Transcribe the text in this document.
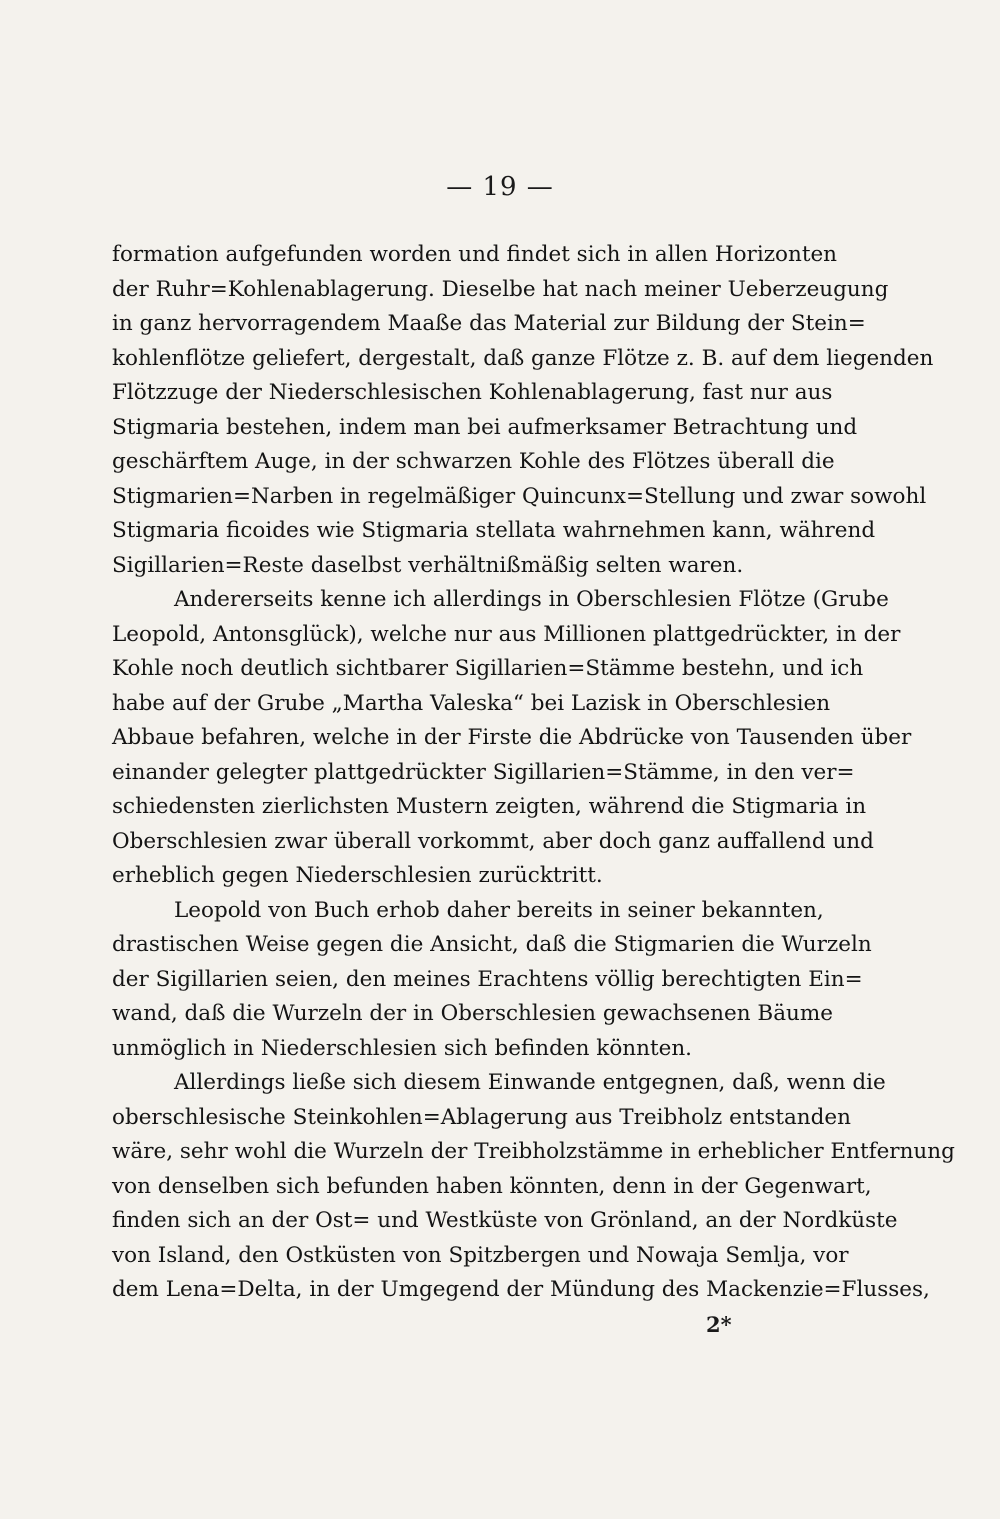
— 19 —
formation aufgefunden worden und findet sich in allen Horizonten
der Ruhr=Kohlenablagerung. Dieselbe hat nach meiner Ueberzeugung
in ganz hervorragendem Maaße das Material zur Bildung der Stein=
kohlenflötze geliefert, dergestalt, daß ganze Flötze z. B. auf dem liegenden
Flötzzuge der Niederschlesischen Kohlenablagerung, fast nur aus
Stigmaria bestehen, indem man bei aufmerksamer Betrachtung und
geschärftem Auge, in der schwarzen Kohle des Flötzes überall die
Stigmarien=Narben in regelmäßiger Quincunx=Stellung und zwar sowohl
Stigmaria ficoides wie Stigmaria stellata wahrnehmen kann, während
Sigillarien=Reste daselbst verhältnißmäßig selten waren.
Andererseits kenne ich allerdings in Oberschlesien Flötze (Grube
Leopold, Antonsglück), welche nur aus Millionen plattgedrückter, in der
Kohle noch deutlich sichtbarer Sigillarien=Stämme bestehn, und ich
habe auf der Grube „Martha Valeska“ bei Lazisk in Oberschlesien
Abbaue befahren, welche in der Firste die Abdrücke von Tausenden über
einander gelegter plattgedrückter Sigillarien=Stämme, in den ver=
schiedensten zierlichsten Mustern zeigten, während die Stigmaria in
Oberschlesien zwar überall vorkommt, aber doch ganz auffallend und
erheblich gegen Niederschlesien zurücktritt.
Leopold von Buch erhob daher bereits in seiner bekannten,
drastischen Weise gegen die Ansicht, daß die Stigmarien die Wurzeln
der Sigillarien seien, den meines Erachtens völlig berechtigten Ein=
wand, daß die Wurzeln der in Oberschlesien gewachsenen Bäume
unmöglich in Niederschlesien sich befinden könnten.
Allerdings ließe sich diesem Einwande entgegnen, daß, wenn die
oberschlesische Steinkohlen=Ablagerung aus Treibholz entstanden
wäre, sehr wohl die Wurzeln der Treibholzstämme in erheblicher Entfernung
von denselben sich befunden haben könnten, denn in der Gegenwart,
finden sich an der Ost= und Westküste von Grönland, an der Nordküste
von Island, den Ostküsten von Spitzbergen und Nowaja Semlja, vor
dem Lena=Delta, in der Umgegend der Mündung des Mackenzie=Flusses,
2*
